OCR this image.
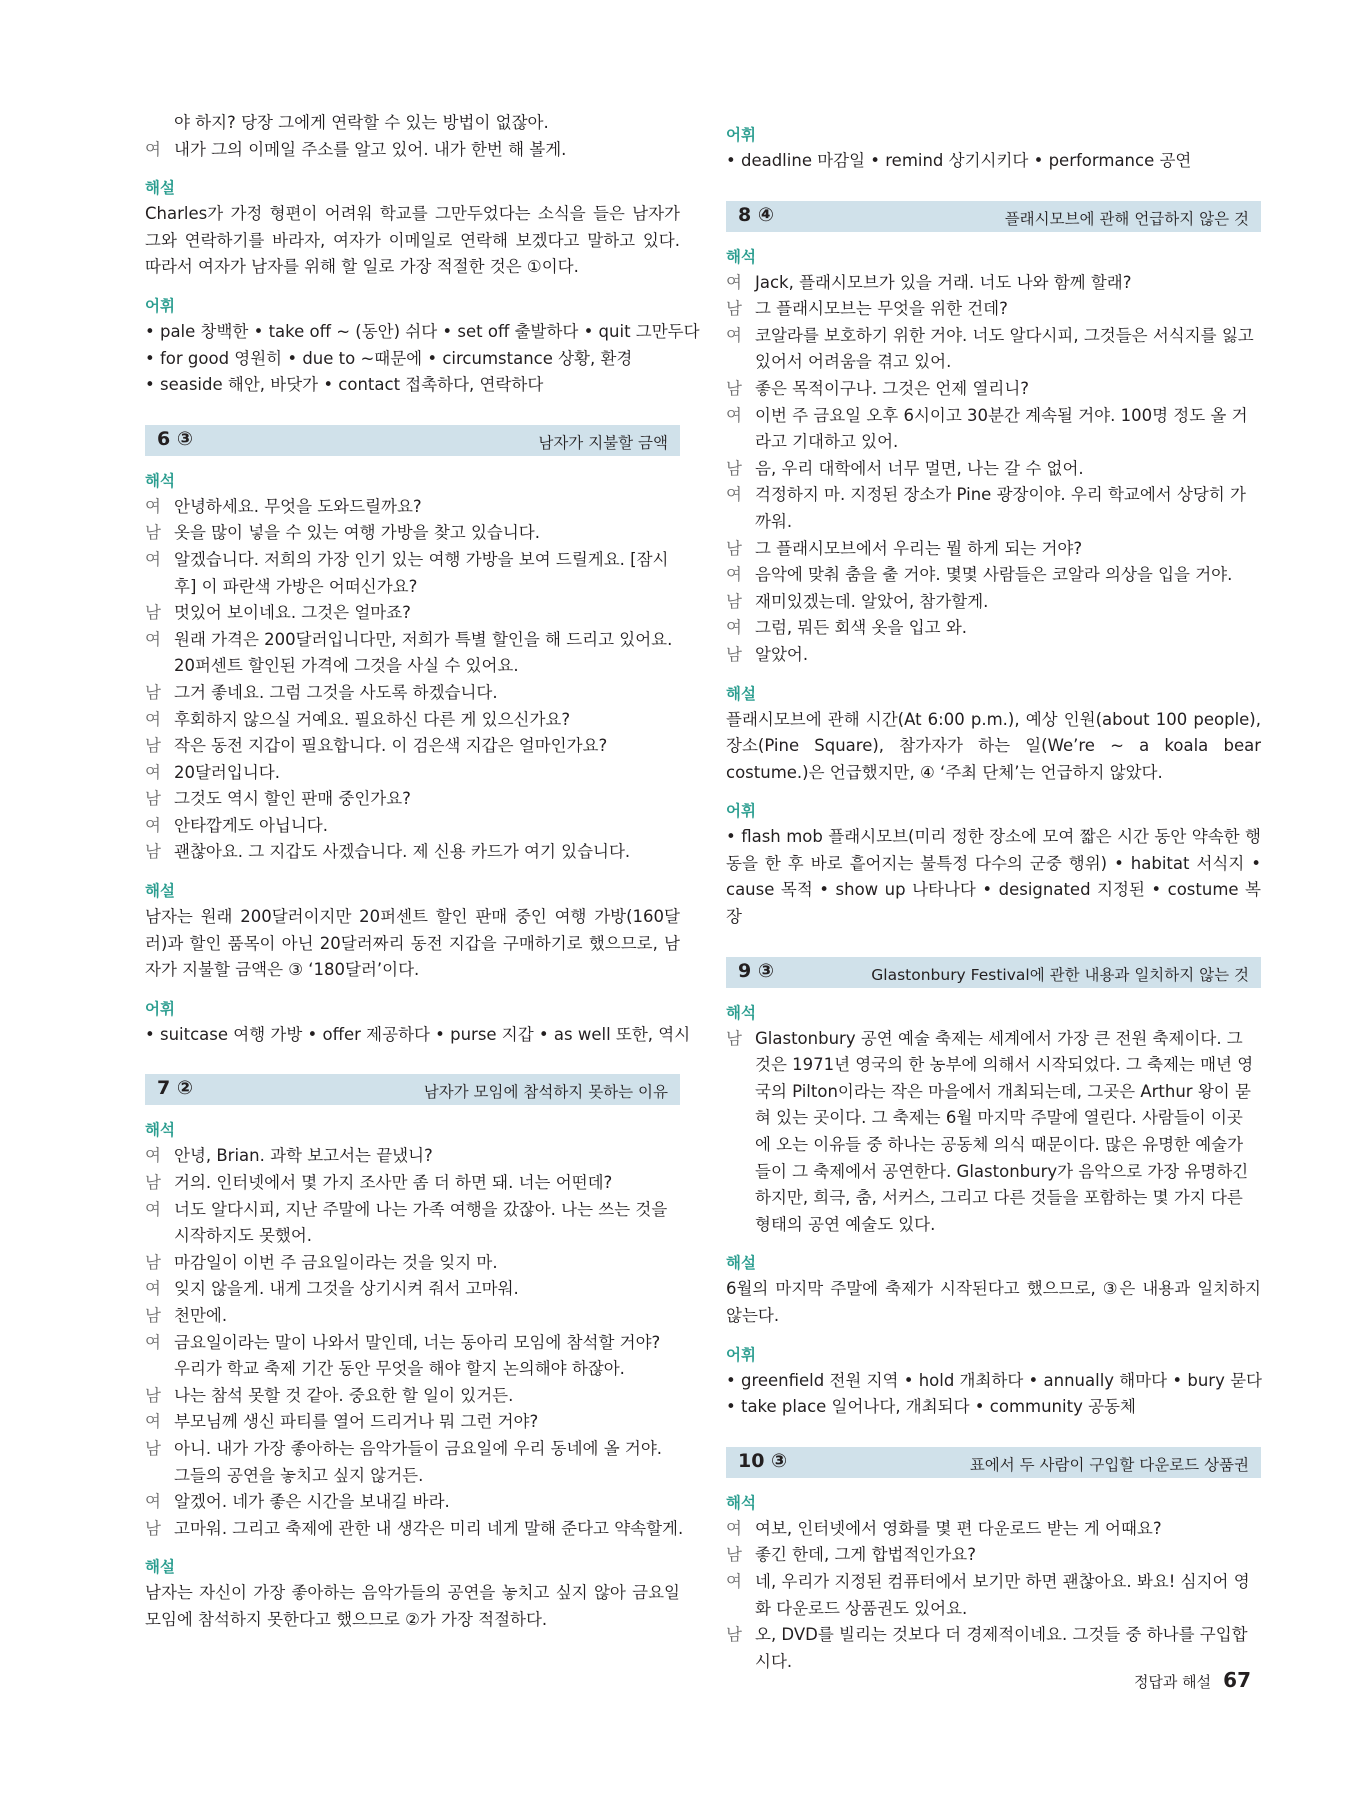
야 하지? 당장 그에게 연락할 수 있는 방법이 없잖아.
여 내가 그의 이메일 주소를 알고 있어. 내가 한번 해 볼게.
해설
Charles가 가정 형편이 어려워 학교를 그만두었다는 소식을 들은 남자가 그와 연락하기를 바라자, 여자가 이메일로 연락해 보겠다고 말하고 있다. 따라서 여자가 남자를 위해 할 일로 가장 적절한 것은 ①이다.
어휘
• pale 창백한 • take off ~ (동안) 쉬다 • set off 출발하다 • quit 그만두다
• for good 영원히 • due to ~때문에 • circumstance 상황, 환경
• seaside 해안, 바닷가 • contact 접촉하다, 연락하다
6 ③	남자가 지불할 금액
해석
여 안녕하세요. 무엇을 도와드릴까요?
남 옷을 많이 넣을 수 있는 여행 가방을 찾고 있습니다.
여 알겠습니다. 저희의 가장 인기 있는 여행 가방을 보여 드릴게요. [잠시
후] 이 파란색 가방은 어떠신가요?
남 멋있어 보이네요. 그것은 얼마죠?
여 원래 가격은 200달러입니다만, 저희가 특별 할인을 해 드리고 있어요.
20퍼센트 할인된 가격에 그것을 사실 수 있어요.
남 그거 좋네요. 그럼 그것을 사도록 하겠습니다.
여 후회하지 않으실 거예요. 필요하신 다른 게 있으신가요?
남 작은 동전 지갑이 필요합니다. 이 검은색 지갑은 얼마인가요?
여 20달러입니다.
남 그것도 역시 할인 판매 중인가요?
여 안타깝게도 아닙니다.
남 괜찮아요. 그 지갑도 사겠습니다. 제 신용 카드가 여기 있습니다.
해설
남자는 원래 200달러이지만 20퍼센트 할인 판매 중인 여행 가방(160달러)과 할인 품목이 아닌 20달러짜리 동전 지갑을 구매하기로 했으므로, 남자가 지불할 금액은 ③ ‘180달러’이다.
어휘
• suitcase 여행 가방 • offer 제공하다 • purse 지갑 • as well 또한, 역시
7 ②	남자가 모임에 참석하지 못하는 이유
해석
여 안녕, Brian. 과학 보고서는 끝냈니?
남 거의. 인터넷에서 몇 가지 조사만 좀 더 하면 돼. 너는 어떤데?
여 너도 알다시피, 지난 주말에 나는 가족 여행을 갔잖아. 나는 쓰는 것을
시작하지도 못했어.
남 마감일이 이번 주 금요일이라는 것을 잊지 마.
여 잊지 않을게. 내게 그것을 상기시켜 줘서 고마워.
남 천만에.
여 금요일이라는 말이 나와서 말인데, 너는 동아리 모임에 참석할 거야?
우리가 학교 축제 기간 동안 무엇을 해야 할지 논의해야 하잖아.
남 나는 참석 못할 것 같아. 중요한 할 일이 있거든.
여 부모님께 생신 파티를 열어 드리거나 뭐 그런 거야?
남 아니. 내가 가장 좋아하는 음악가들이 금요일에 우리 동네에 올 거야.
그들의 공연을 놓치고 싶지 않거든.
여 알겠어. 네가 좋은 시간을 보내길 바라.
남 고마워. 그리고 축제에 관한 내 생각은 미리 네게 말해 준다고 약속할게.
해설
남자는 자신이 가장 좋아하는 음악가들의 공연을 놓치고 싶지 않아 금요일 모임에 참석하지 못한다고 했으므로 ②가 가장 적절하다.
어휘
• deadline 마감일 • remind 상기시키다 • performance 공연
8 ④	플래시모브에 관해 언급하지 않은 것
해석
여 Jack, 플래시모브가 있을 거래. 너도 나와 함께 할래?
남 그 플래시모브는 무엇을 위한 건데?
여 코알라를 보호하기 위한 거야. 너도 알다시피, 그것들은 서식지를 잃고
있어서 어려움을 겪고 있어.
남 좋은 목적이구나. 그것은 언제 열리니?
여 이번 주 금요일 오후 6시이고 30분간 계속될 거야. 100명 정도 올 거
라고 기대하고 있어.
남 음, 우리 대학에서 너무 멀면, 나는 갈 수 없어.
여 걱정하지 마. 지정된 장소가 Pine 광장이야. 우리 학교에서 상당히 가
까워.
남 그 플래시모브에서 우리는 뭘 하게 되는 거야?
여 음악에 맞춰 춤을 출 거야. 몇몇 사람들은 코알라 의상을 입을 거야.
남 재미있겠는데. 알았어, 참가할게.
여 그럼, 뭐든 회색 옷을 입고 와.
남 알았어.
해설
플래시모브에 관해 시간(At 6:00 p.m.), 예상 인원(about 100 people), 장소(Pine Square), 참가자가 하는 일(We’re ~ a koala bear costume.)은 언급했지만, ④ ‘주최 단체’는 언급하지 않았다.
어휘
• flash mob 플래시모브(미리 정한 장소에 모여 짧은 시간 동안 약속한 행동을 한 후 바로 흩어지는 불특정 다수의 군중 행위) • habitat 서식지 • cause 목적 • show up 나타나다 • designated 지정된 • costume 복장
9 ③	Glastonbury Festival에 관한 내용과 일치하지 않는 것
해석
남 Glastonbury 공연 예술 축제는 세계에서 가장 큰 전원 축제이다. 그
것은 1971년 영국의 한 농부에 의해서 시작되었다. 그 축제는 매년 영
국의 Pilton이라는 작은 마을에서 개최되는데, 그곳은 Arthur 왕이 묻
혀 있는 곳이다. 그 축제는 6월 마지막 주말에 열린다. 사람들이 이곳
에 오는 이유들 중 하나는 공동체 의식 때문이다. 많은 유명한 예술가
들이 그 축제에서 공연한다. Glastonbury가 음악으로 가장 유명하긴
하지만, 희극, 춤, 서커스, 그리고 다른 것들을 포함하는 몇 가지 다른
형태의 공연 예술도 있다.
해설
6월의 마지막 주말에 축제가 시작된다고 했으므로, ③은 내용과 일치하지 않는다.
어휘
• greenfield 전원 지역 • hold 개최하다 • annually 해마다 • bury 묻다
• take place 일어나다, 개최되다 • community 공동체
10 ③	표에서 두 사람이 구입할 다운로드 상품권
해석
여 여보, 인터넷에서 영화를 몇 편 다운로드 받는 게 어때요?
남 좋긴 한데, 그게 합법적인가요?
여 네, 우리가 지정된 컴퓨터에서 보기만 하면 괜찮아요. 봐요! 심지어 영
화 다운로드 상품권도 있어요.
남 오, DVD를 빌리는 것보다 더 경제적이네요. 그것들 중 하나를 구입합
시다.
정답과 해설 67
